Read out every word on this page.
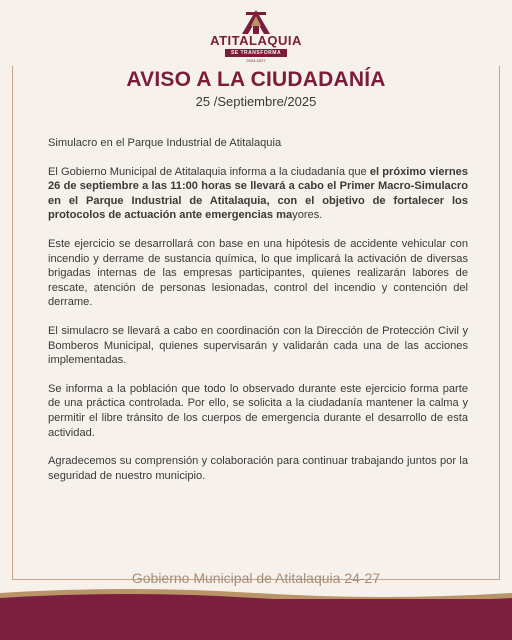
ATITALAQUIA
SE TRANSFORMA
2024-2027
AVISO A LA CIUDADANÍA
25 /Septiembre/2025

Simulacro en el Parque Industrial de Atitalaquia

El Gobierno Municipal de Atitalaquia informa a la ciudadanía que el próximo viernes 26 de septiembre a las 11:00 horas se llevará a cabo el Primer Macro-Simulacro en el Parque Industrial de Atitalaquia, con el objetivo de fortalecer los protocolos de actuación ante emergencias mayores.

Este ejercicio se desarrollará con base en una hipótesis de accidente vehicular con incendio y derrame de sustancia química, lo que implicará la activación de diversas brigadas internas de las empresas participantes, quienes realizarán labores de rescate, atención de personas lesionadas, control del incendio y contención del derrame.

El simulacro se llevará a cabo en coordinación con la Dirección de Protección Civil y Bomberos Municipal, quienes supervisarán y validarán cada una de las acciones implementadas.

Se informa a la población que todo lo observado durante este ejercicio forma parte de una práctica controlada. Por ello, se solicita a la ciudadanía mantener la calma y permitir el libre tránsito de los cuerpos de emergencia durante el desarrollo de esta actividad.

Agradecemos su comprensión y colaboración para continuar trabajando juntos por la seguridad de nuestro municipio.

Gobierno Municipal de Atitalaquia 24-27
